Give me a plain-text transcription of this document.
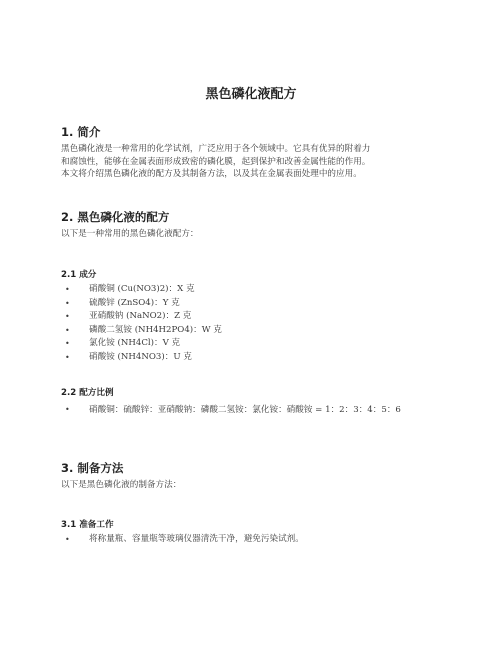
黑色磷化液配方
1. 简介
黑色磷化液是一种常用的化学试剂，广泛应用于各个领域中。它具有优异的附着力
和腐蚀性，能够在金属表面形成致密的磷化膜，起到保护和改善金属性能的作用。
本文将介绍黑色磷化液的配方及其制备方法，以及其在金属表面处理中的应用。
2. 黑色磷化液的配方
以下是一种常用的黑色磷化液配方：
2.1 成分
• 硝酸铜 (Cu(NO3)2)：X 克
• 硫酸锌 (ZnSO4)：Y 克
• 亚硝酸钠 (NaNO2)：Z 克
• 磷酸二氢铵 (NH4H2PO4)：W 克
• 氯化铵 (NH4Cl)：V 克
• 硝酸铵 (NH4NO3)：U 克
2.2 配方比例
• 硝酸铜：硫酸锌：亚硝酸钠：磷酸二氢铵：氯化铵：硝酸铵 = 1：2：3：4：5：6
3. 制备方法
以下是黑色磷化液的制备方法：
3.1 准备工作
• 将称量瓶、容量瓶等玻璃仪器清洗干净，避免污染试剂。
